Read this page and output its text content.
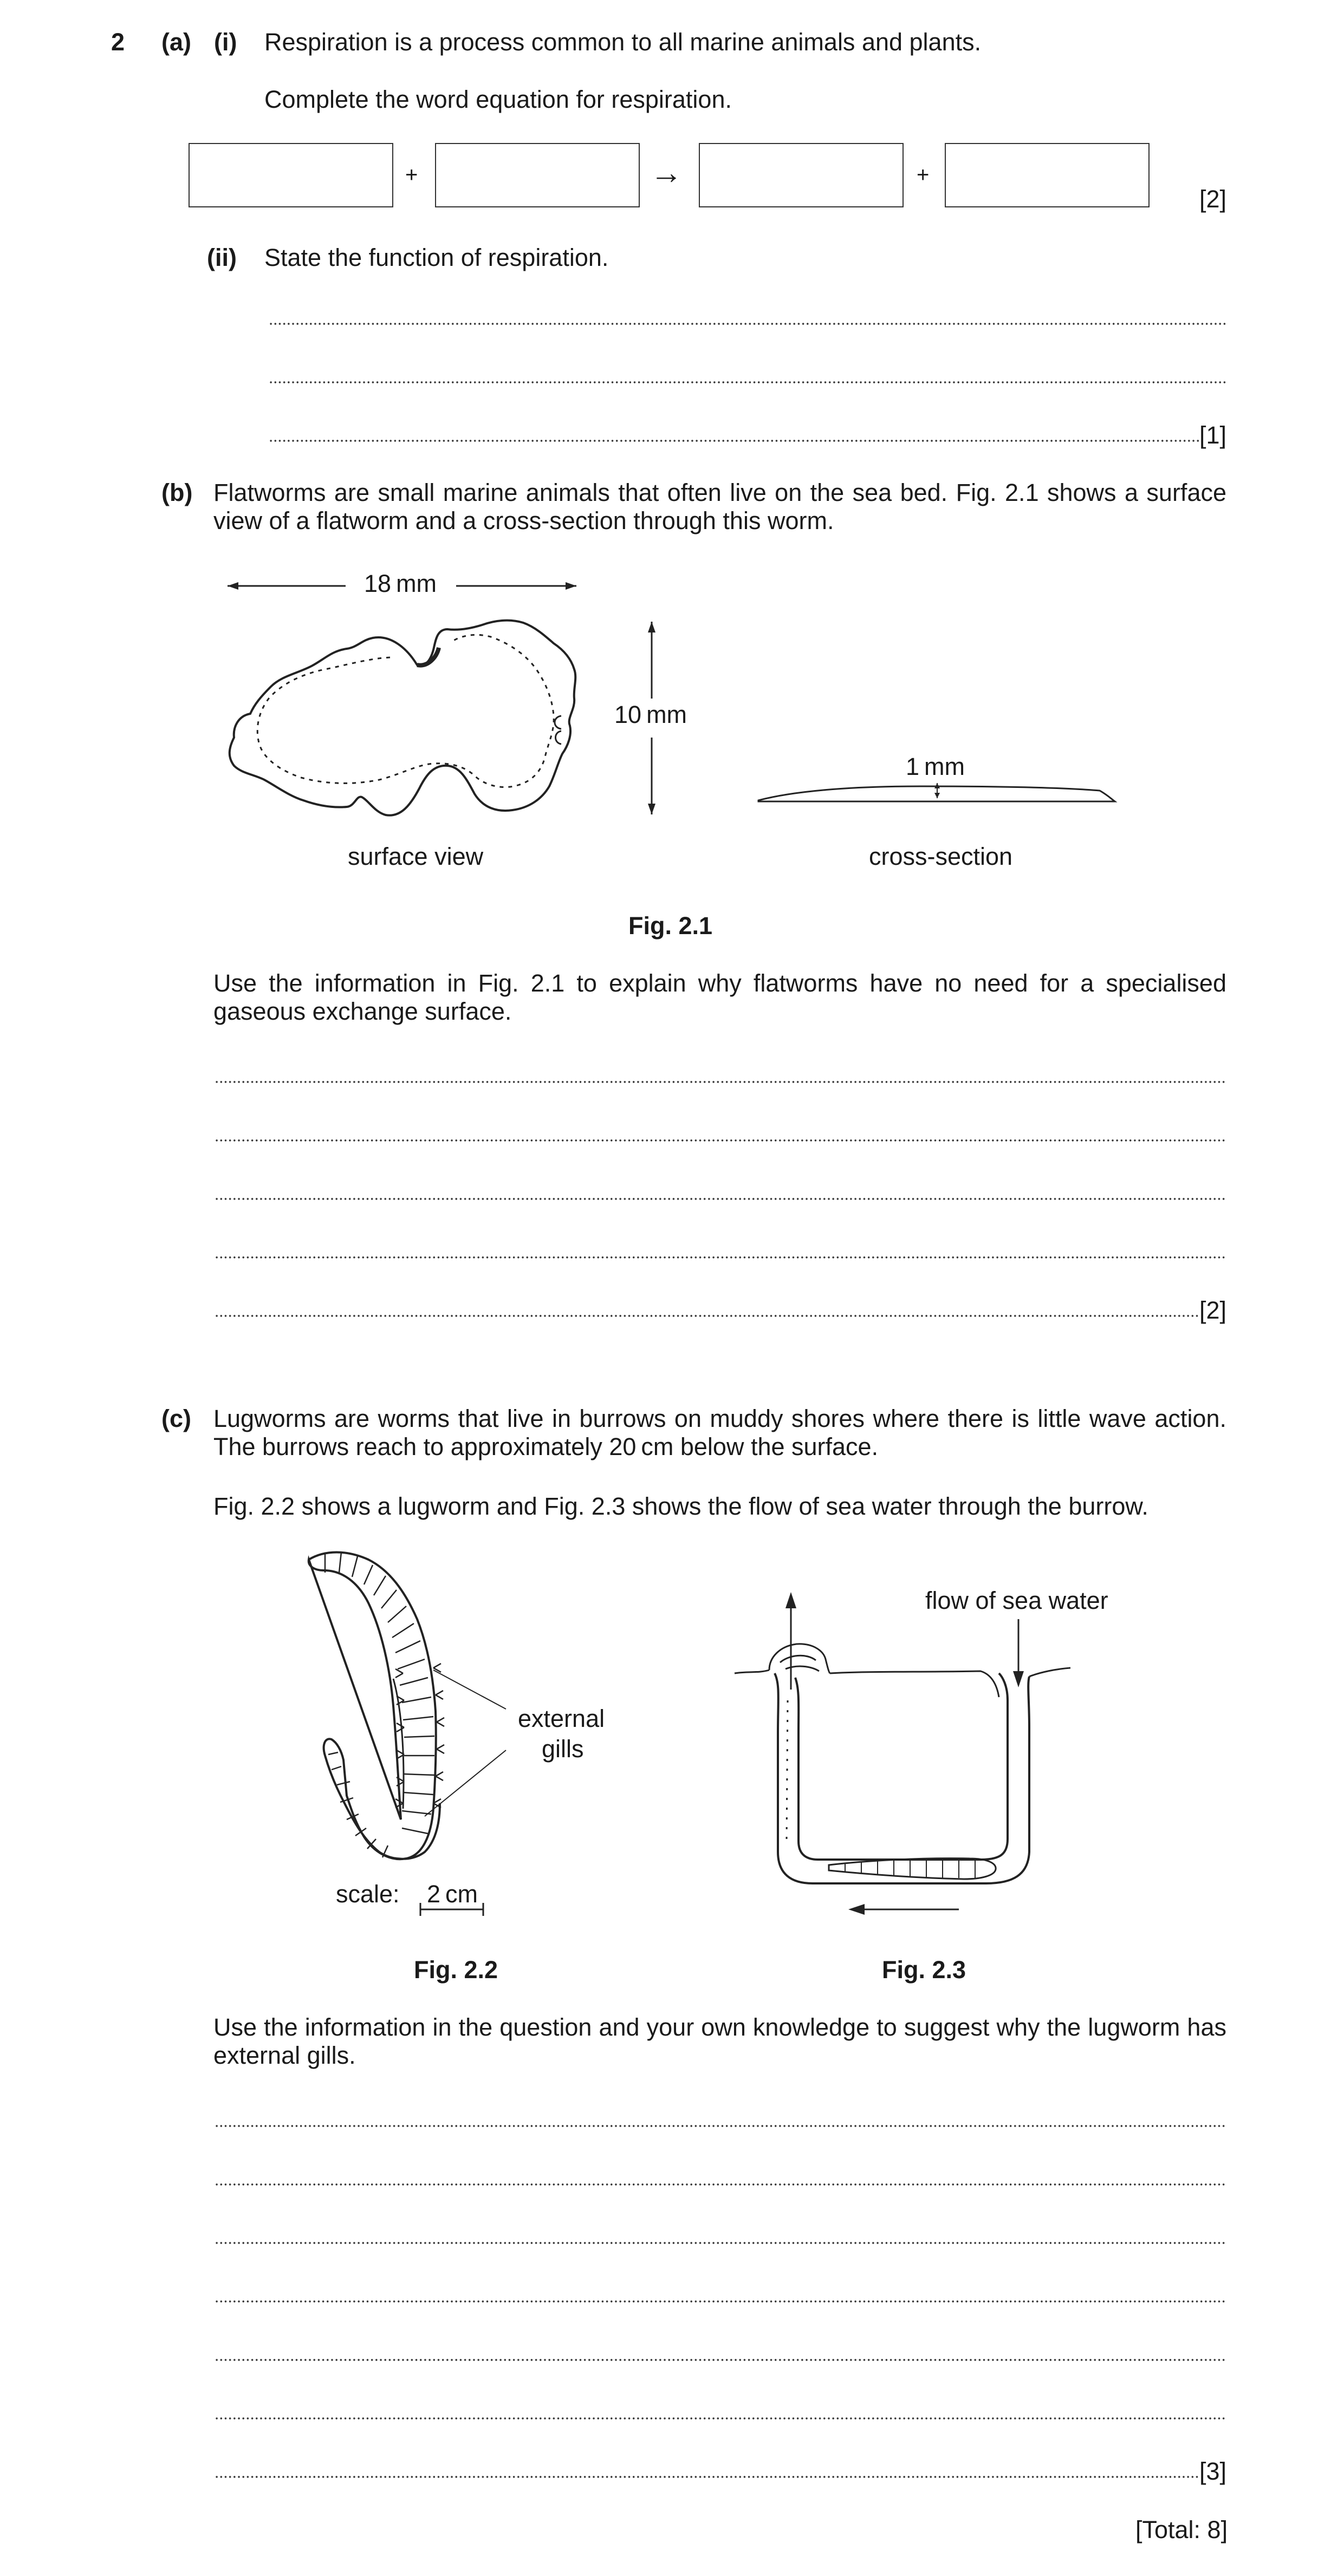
2 (a) (i) Respiration is a process common to all marine animals and plants.
Complete the word equation for respiration.
+	→	+
[2]
(ii) State the function of respiration.
[1]
(b) Flatworms are small marine animals that often live on the sea bed. Fig. 2.1 shows a surface view of a flatworm and a cross-section through this worm.
18 mm
10 mm
1 mm
surface view	cross-section
Fig. 2.1
Use the information in Fig. 2.1 to explain why flatworms have no need for a specialised gaseous exchange surface.
[2]
(c) Lugworms are worms that live in burrows on muddy shores where there is little wave action. The burrows reach to approximately 20 cm below the surface.
Fig. 2.2 shows a lugworm and Fig. 2.3 shows the flow of sea water through the burrow.
external
gills
scale: 2 cm
Fig. 2.2
flow of sea water
Fig. 2.3
Use the information in the question and your own knowledge to suggest why the lugworm has external gills.
[3]
[Total: 8]
